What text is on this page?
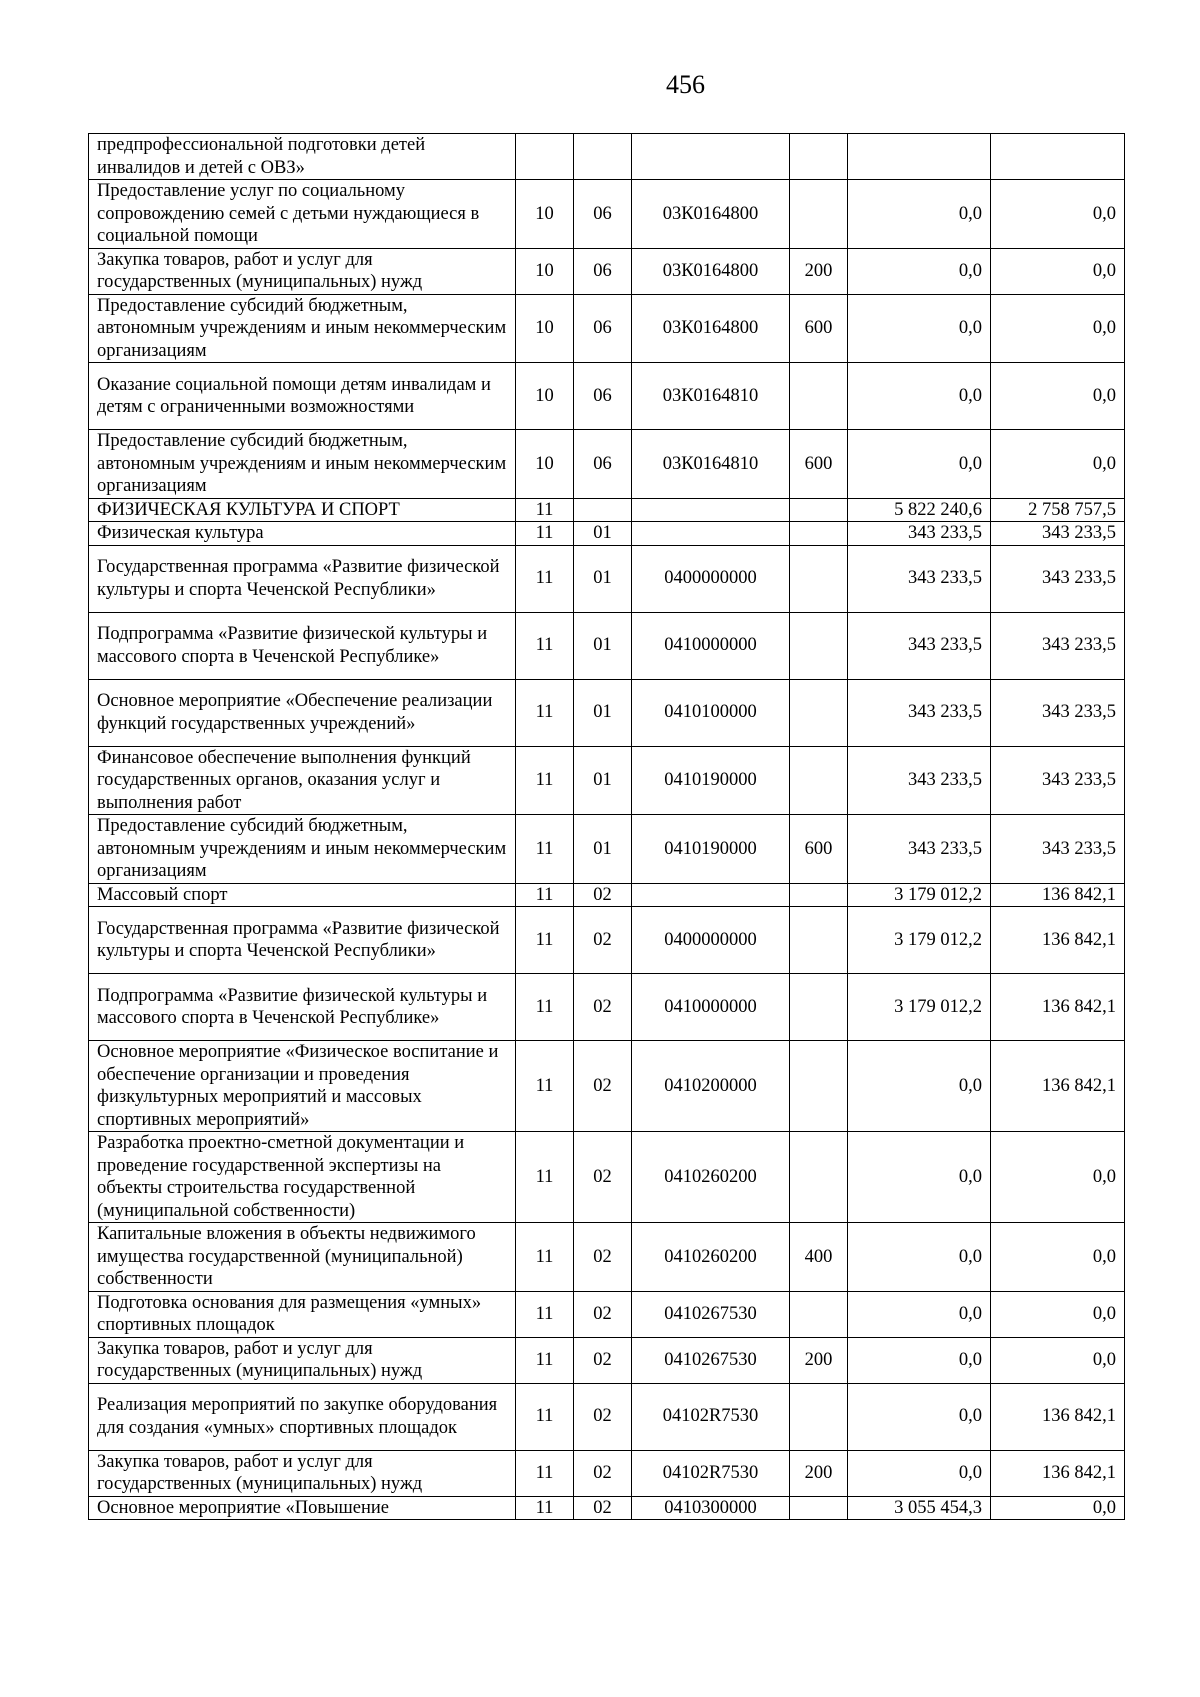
456
предпрофессиональной подготовки детей инвалидов и детей с ОВЗ»						
Предоставление услуг по социальному сопровождению семей с детьми нуждающиеся в социальной помощи	10	06	03К0164800		0,0	0,0
Закупка товаров, работ и услуг для государственных (муниципальных) нужд	10	06	03К0164800	200	0,0	0,0
Предоставление субсидий бюджетным, автономным учреждениям и иным некоммерческим организациям	10	06	03К0164800	600	0,0	0,0
Оказание социальной помощи детям инвалидам и детям с ограниченными возможностями	10	06	03К0164810		0,0	0,0
Предоставление субсидий бюджетным, автономным учреждениям и иным некоммерческим организациям	10	06	03К0164810	600	0,0	0,0
ФИЗИЧЕСКАЯ КУЛЬТУРА И СПОРТ	11				5 822 240,6	2 758 757,5
Физическая культура	11	01			343 233,5	343 233,5
Государственная программа «Развитие физической культуры и спорта Чеченской Республики»	11	01	0400000000		343 233,5	343 233,5
Подпрограмма «Развитие физической культуры и массового спорта в Чеченской Республике»	11	01	0410000000		343 233,5	343 233,5
Основное мероприятие «Обеспечение реализации функций государственных учреждений»	11	01	0410100000		343 233,5	343 233,5
Финансовое обеспечение выполнения функций государственных органов, оказания услуг и выполнения работ	11	01	0410190000		343 233,5	343 233,5
Предоставление субсидий бюджетным, автономным учреждениям и иным некоммерческим организациям	11	01	0410190000	600	343 233,5	343 233,5
Массовый спорт	11	02			3 179 012,2	136 842,1
Государственная программа «Развитие физической культуры и спорта Чеченской Республики»	11	02	0400000000		3 179 012,2	136 842,1
Подпрограмма «Развитие физической культуры и массового спорта в Чеченской Республике»	11	02	0410000000		3 179 012,2	136 842,1
Основное мероприятие «Физическое воспитание и обеспечение организации и проведения физкультурных мероприятий и массовых спортивных мероприятий»	11	02	0410200000		0,0	136 842,1
Разработка проектно-сметной документации и проведение государственной экспертизы на объекты строительства государственной (муниципальной собственности)	11	02	0410260200		0,0	0,0
Капитальные вложения в объекты недвижимого имущества государственной (муниципальной) собственности	11	02	0410260200	400	0,0	0,0
Подготовка основания для размещения «умных» спортивных площадок	11	02	0410267530		0,0	0,0
Закупка товаров, работ и услуг для государственных (муниципальных) нужд	11	02	0410267530	200	0,0	0,0
Реализация мероприятий по закупке оборудования для создания «умных» спортивных площадок	11	02	04102R7530		0,0	136 842,1
Закупка товаров, работ и услуг для государственных (муниципальных) нужд	11	02	04102R7530	200	0,0	136 842,1
Основное мероприятие «Повышение	11	02	0410300000		3 055 454,3	0,0
